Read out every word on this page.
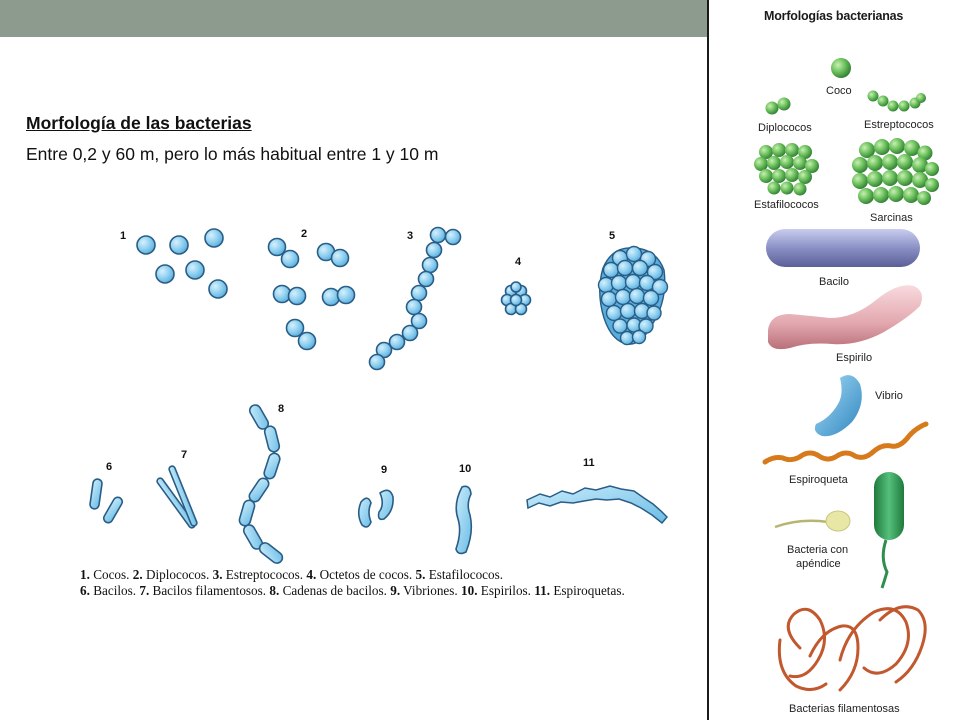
Morfología de las bacterias
Entre 0,2 y 60 m, pero lo más habitual entre 1 y 10 m
1	2	3
4
5
6
7
8
9	10	11
1. Cocos. 2. Diplococos. 3. Estreptococos. 4. Octetos de cocos. 5. Estafilococos.
6. Bacilos. 7. Bacilos filamentosos. 8. Cadenas de bacilos. 9. Vibriones. 10. Espirilos. 11. Espiroquetas.
Morfologías bacterianas
Coco
Diplococos	Estreptococos
Estafilococos
Sarcinas
Bacilo
Espirilo
Vibrio
Espiroqueta
Bacteria con
apéndice
Bacterias filamentosas
